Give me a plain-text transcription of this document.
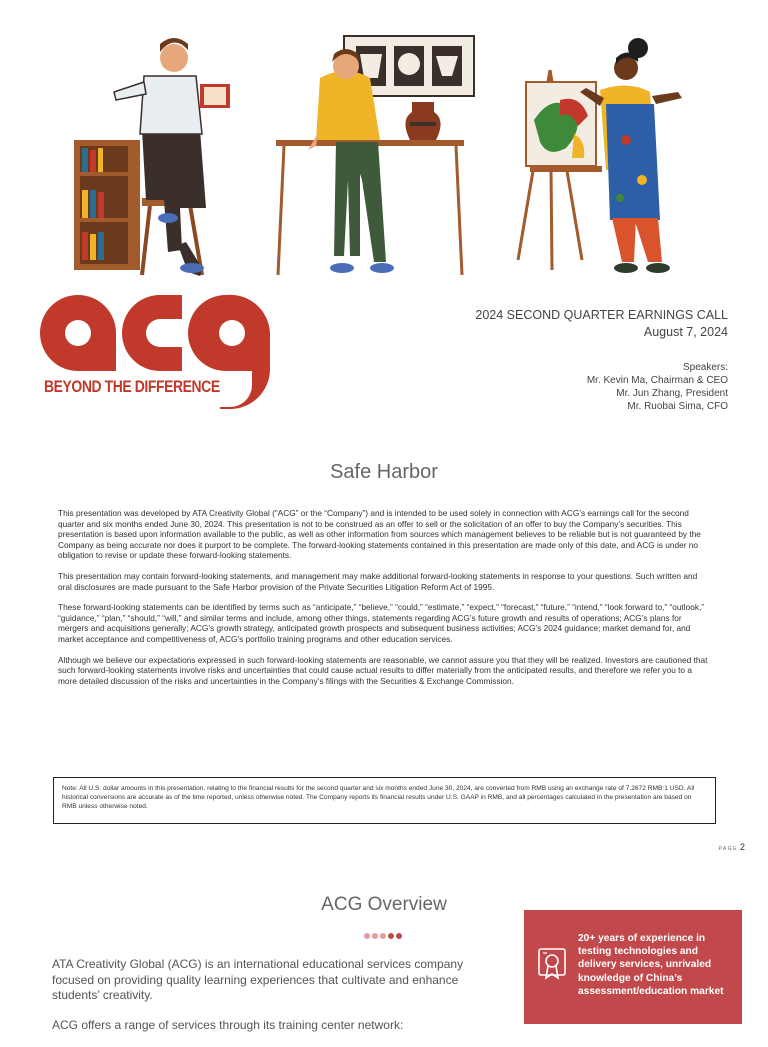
BEYOND THE DIFFERENCE
2024 SECOND QUARTER EARNINGS CALL
August 7, 2024
Speakers:
Mr. Kevin Ma, Chairman & CEO
Mr. Jun Zhang, President
Mr. Ruobai Sima, CFO
Safe Harbor

This presentation was developed by ATA Creativity Global (“ACG” or the “Company”) and is intended to be used solely in connection with ACG’s earnings call for the second quarter and six months ended June 30, 2024. This presentation is not to be construed as an offer to sell or the solicitation of an offer to buy the Company’s securities. This presentation is based upon information available to the public, as well as other information from sources which management believes to be reliable but is not guaranteed by the Company as being accurate nor does it purport to be complete. The forward-looking statements contained in this presentation are made only of this date, and ACG is under no obligation to revise or update these forward-looking statements.

This presentation may contain forward-looking statements, and management may make additional forward-looking statements in response to your questions. Such written and oral disclosures are made pursuant to the Safe Harbor provision of the Private Securities Litigation Reform Act of 1995.

These forward-looking statements can be identified by terms such as “anticipate,” “believe,” “could,” “estimate,” “expect,” “forecast,” “future,” “intend,” “look forward to,” “outlook,” “guidance,” “plan,” “should,” “will,” and similar terms and include, among other things, statements regarding ACG’s future growth and results of operations; ACG’s plans for mergers and acquisitions generally; ACG’s growth strategy, anticipated growth prospects and subsequent business activities; ACG’s 2024 guidance; market demand for, and market acceptance and competitiveness of, ACG’s portfolio training programs and other education services.

Although we believe our expectations expressed in such forward-looking statements are reasonable, we cannot assure you that they will be realized. Investors are cautioned that such forward-looking statements involve risks and uncertainties that could cause actual results to differ materially from the anticipated results, and therefore we refer you to a more detailed discussion of the risks and uncertainties in the Company’s filings with the Securities & Exchange Commission.

Note: All U.S. dollar amounts in this presentation, relating to the financial results for the second quarter and six months ended June 30, 2024, are converted from RMB using an exchange rate of 7.2672 RMB:1 USD. All historical conversions are accurate as of the time reported, unless otherwise noted. The Company reports its financial results under U.S. GAAP in RMB, and all percentages calculated in the presentation are based on RMB unless otherwise noted.
PAGE 2
ACG Overview

ATA Creativity Global (ACG) is an international educational services company focused on providing quality learning experiences that cultivate and enhance students’ creativity.

ACG offers a range of services through its training center network:

20+ years of experience in testing technologies and delivery services, unrivaled knowledge of China’s assessment/education market
